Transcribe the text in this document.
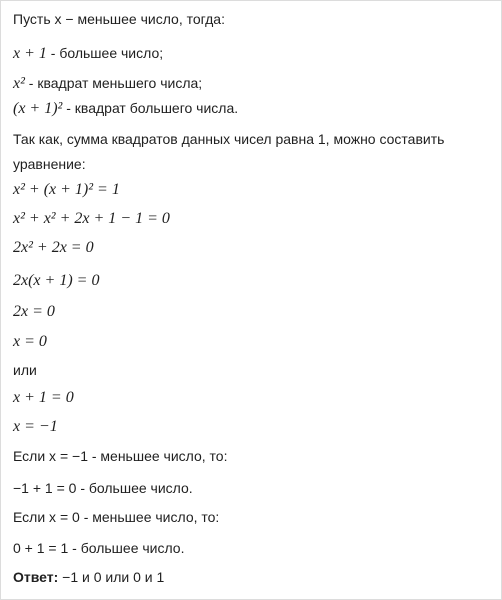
Пусть x − меньшее число, тогда:
x + 1 - большее число;
x² - квадрат меньшего числа;
(x + 1)² - квадрат большего числа.
Так как, сумма квадратов данных чисел равна 1, можно составить
уравнение:
x² + (x + 1)² = 1
x² + x² + 2x + 1 − 1 = 0
2x² + 2x = 0
2x(x + 1) = 0
2x = 0
x = 0
или
x + 1 = 0
x = −1
Если x = −1 - меньшее число, то:
−1 + 1 = 0 - большее число.
Если x = 0 - меньшее число, то:
0 + 1 = 1 - большее число.
Ответ: −1 и 0 или 0 и 1
